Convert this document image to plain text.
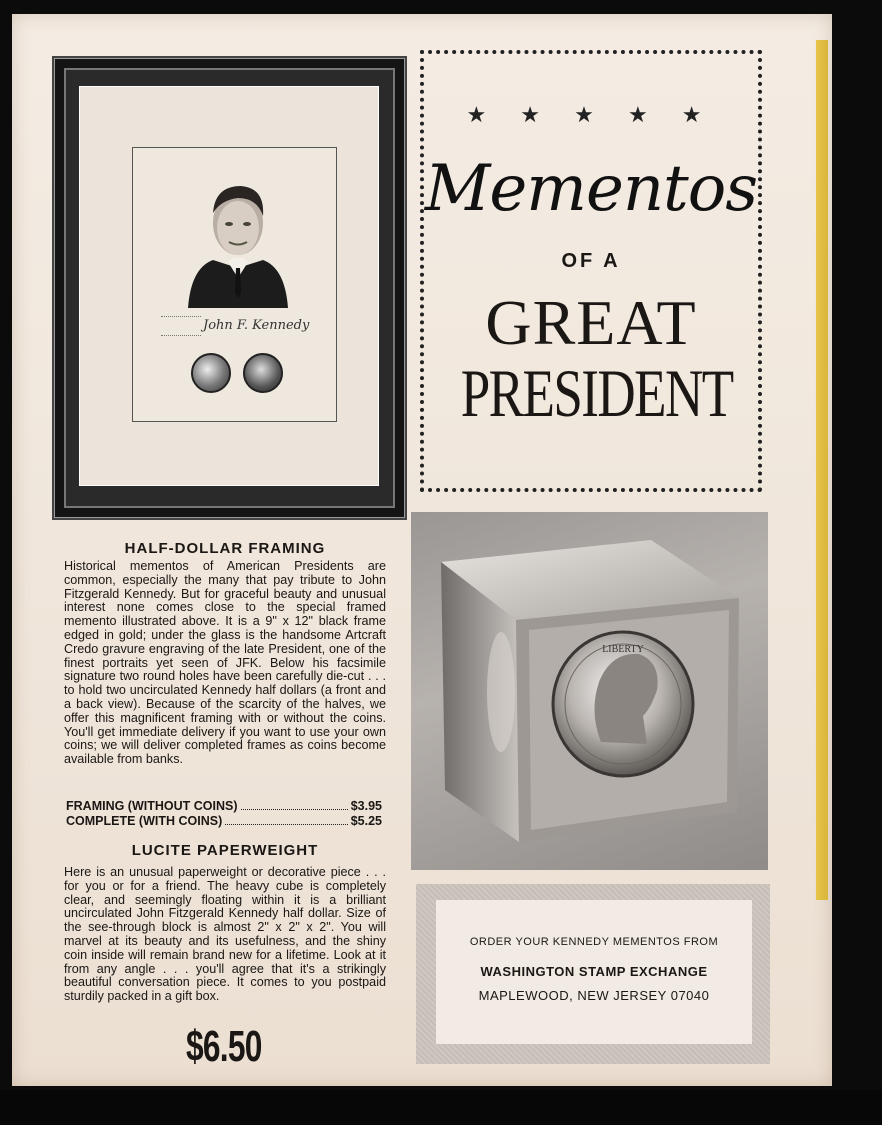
John F. Kennedy
★ ★ ★ ★ ★
Mementos
OF A
GREAT
PRESIDENT
HALF-DOLLAR FRAMING
Historical mementos of American Presidents are common, especially the many that pay tribute to John Fitzgerald Kennedy. But for graceful beauty and unusual interest none comes close to the special framed memento illustrated above. It is a 9" x 12" black frame edged in gold; under the glass is the handsome Artcraft Credo gravure engraving of the late President, one of the finest portraits yet seen of JFK. Below his facsimile signature two round holes have been carefully die-cut . . . to hold two uncirculated Kennedy half dollars (a front and a back view). Because of the scarcity of the halves, we offer this magnificent framing with or without the coins. You'll get immediate delivery if you want to use your own coins; we will deliver completed frames as coins become available from banks.
FRAMING (WITHOUT COINS)	$3.95
COMPLETE (WITH COINS)	$5.25
LUCITE PAPERWEIGHT
Here is an unusual paperweight or decorative piece . . . for you or for a friend. The heavy cube is completely clear, and seemingly floating within it is a brilliant uncirculated John Fitzgerald Kennedy half dollar. Size of the see-through block is almost 2" x 2" x 2". You will marvel at its beauty and its usefulness, and the shiny coin inside will remain brand new for a lifetime. Look at it from any angle . . . you'll agree that it's a strikingly beautiful conversation piece. It comes to you postpaid sturdily packed in a gift box.
$6.50
LIBERTY
ORDER YOUR KENNEDY MEMENTOS FROM
WASHINGTON STAMP EXCHANGE
MAPLEWOOD, NEW JERSEY 07040
